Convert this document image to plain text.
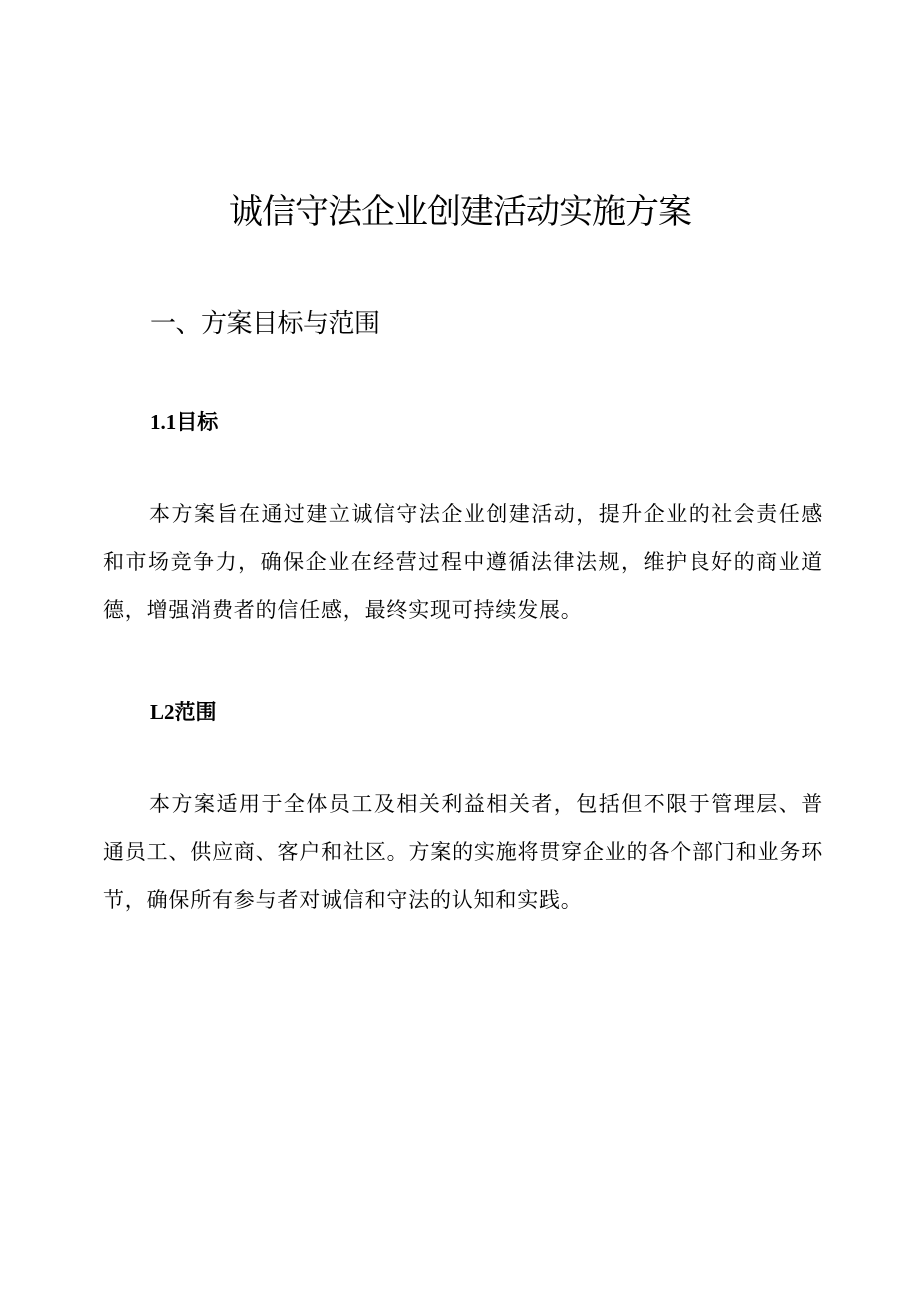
诚信守法企业创建活动实施方案
一、方案目标与范围
1.1目标

本方案旨在通过建立诚信守法企业创建活动，提升企业的社会责任感和市场竞争力，确保企业在经营过程中遵循法律法规，维护良好的商业道德，增强消费者的信任感，最终实现可持续发展。

L2范围

本方案适用于全体员工及相关利益相关者，包括但不限于管理层、普通员工、供应商、客户和社区。方案的实施将贯穿企业的各个部门和业务环节，确保所有参与者对诚信和守法的认知和实践。
